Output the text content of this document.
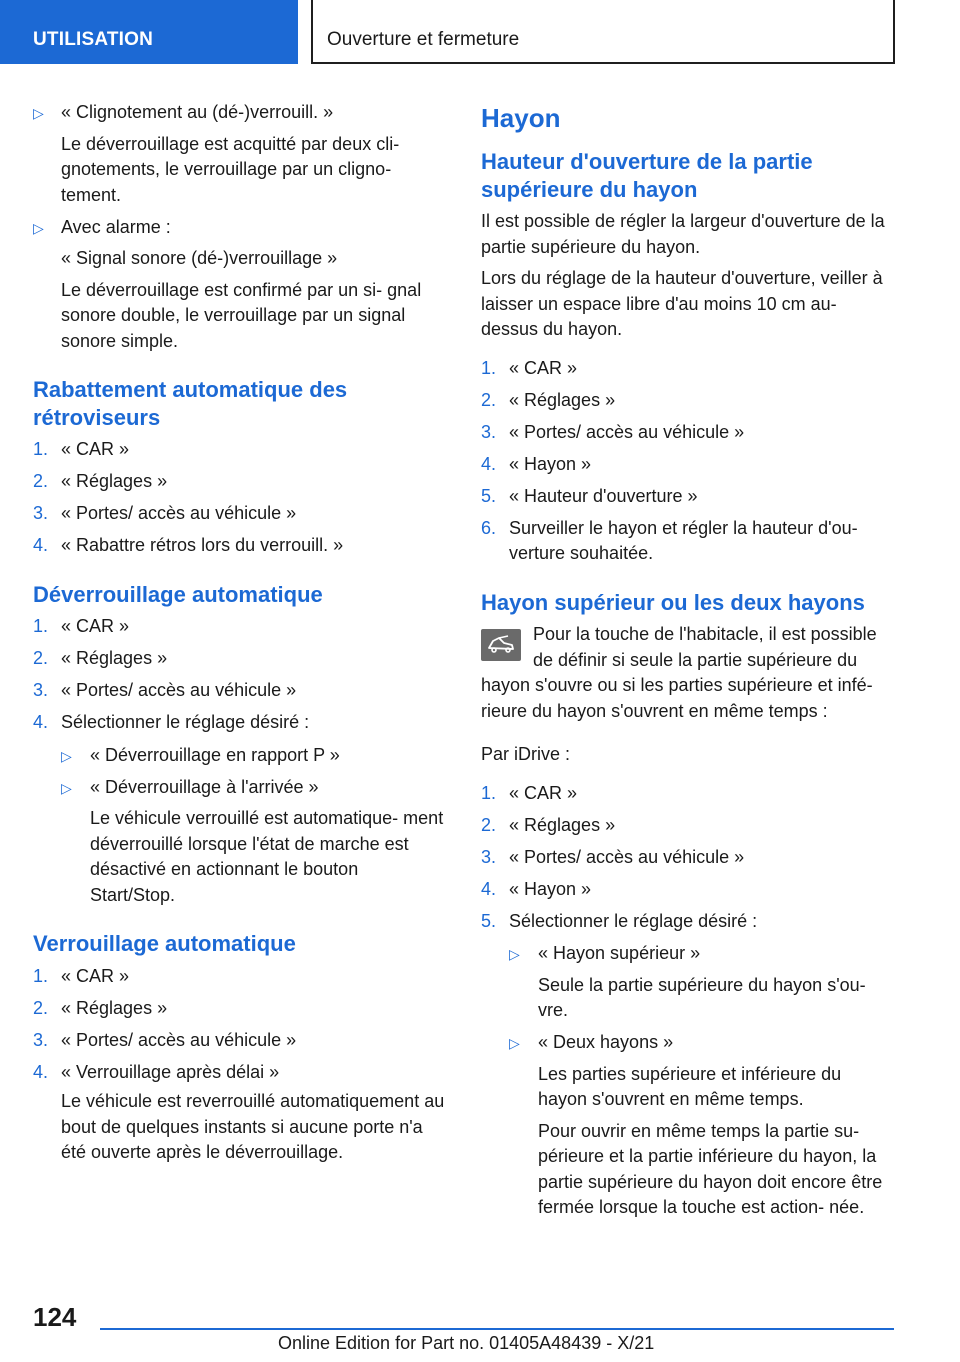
UTILISATION	Ouverture et fermeture
▷ « Clignotement au (dé-)verrouill. »

Le déverrouillage est acquitté par deux cli- gnotements, le verrouillage par un cligno- tement.

▷ Avec alarme :

« Signal sonore (dé-)verrouillage »

Le déverrouillage est confirmé par un si- gnal sonore double, le verrouillage par un signal sonore simple.

Rabattement automatique des rétroviseurs
1. « CAR »
2. « Réglages »
3. « Portes/ accès au véhicule »
4. « Rabattre rétros lors du verrouill. »
Déverrouillage automatique
1. « CAR »
2. « Réglages »
3. « Portes/ accès au véhicule »
4. Sélectionner le réglage désiré :
▷ « Déverrouillage en rapport P »
▷ « Déverrouillage à l'arrivée »

Le véhicule verrouillé est automatique- ment déverrouillé lorsque l'état de marche est désactivé en actionnant le bouton Start/Stop.

Verrouillage automatique
1. « CAR »
2. « Réglages »
3. « Portes/ accès au véhicule »
4. « Verrouillage après délai »

Le véhicule est reverrouillé automatiquement au bout de quelques instants si aucune porte n'a été ouverte après le déverrouillage.

Hayon
Hauteur d'ouverture de la partie supérieure du hayon

Il est possible de régler la largeur d'ouverture de la partie supérieure du hayon.

Lors du réglage de la hauteur d'ouverture, veiller à laisser un espace libre d'au moins 10 cm au- dessus du hayon.

1. « CAR »
2. « Réglages »
3. « Portes/ accès au véhicule »
4. « Hayon »
5. « Hauteur d'ouverture »
6. Surveiller le hayon et régler la hauteur d'ou- verture souhaitée.
Hayon supérieur ou les deux hayons

Pour la touche de l'habitacle, il est possible de définir si seule la partie supérieure du hayon s'ouvre ou si les parties supérieure et infé- rieure du hayon s'ouvrent en même temps :

Par iDrive :

1. « CAR »
2. « Réglages »
3. « Portes/ accès au véhicule »
4. « Hayon »
5. Sélectionner le réglage désiré :
▷ « Hayon supérieur »

Seule la partie supérieure du hayon s'ou- vre.

▷ « Deux hayons »

Les parties supérieure et inférieure du hayon s'ouvrent en même temps.

Pour ouvrir en même temps la partie su- périeure et la partie inférieure du hayon, la partie supérieure du hayon doit encore être fermée lorsque la touche est action- née.

124
Online Edition for Part no. 01405A48439 - X/21
